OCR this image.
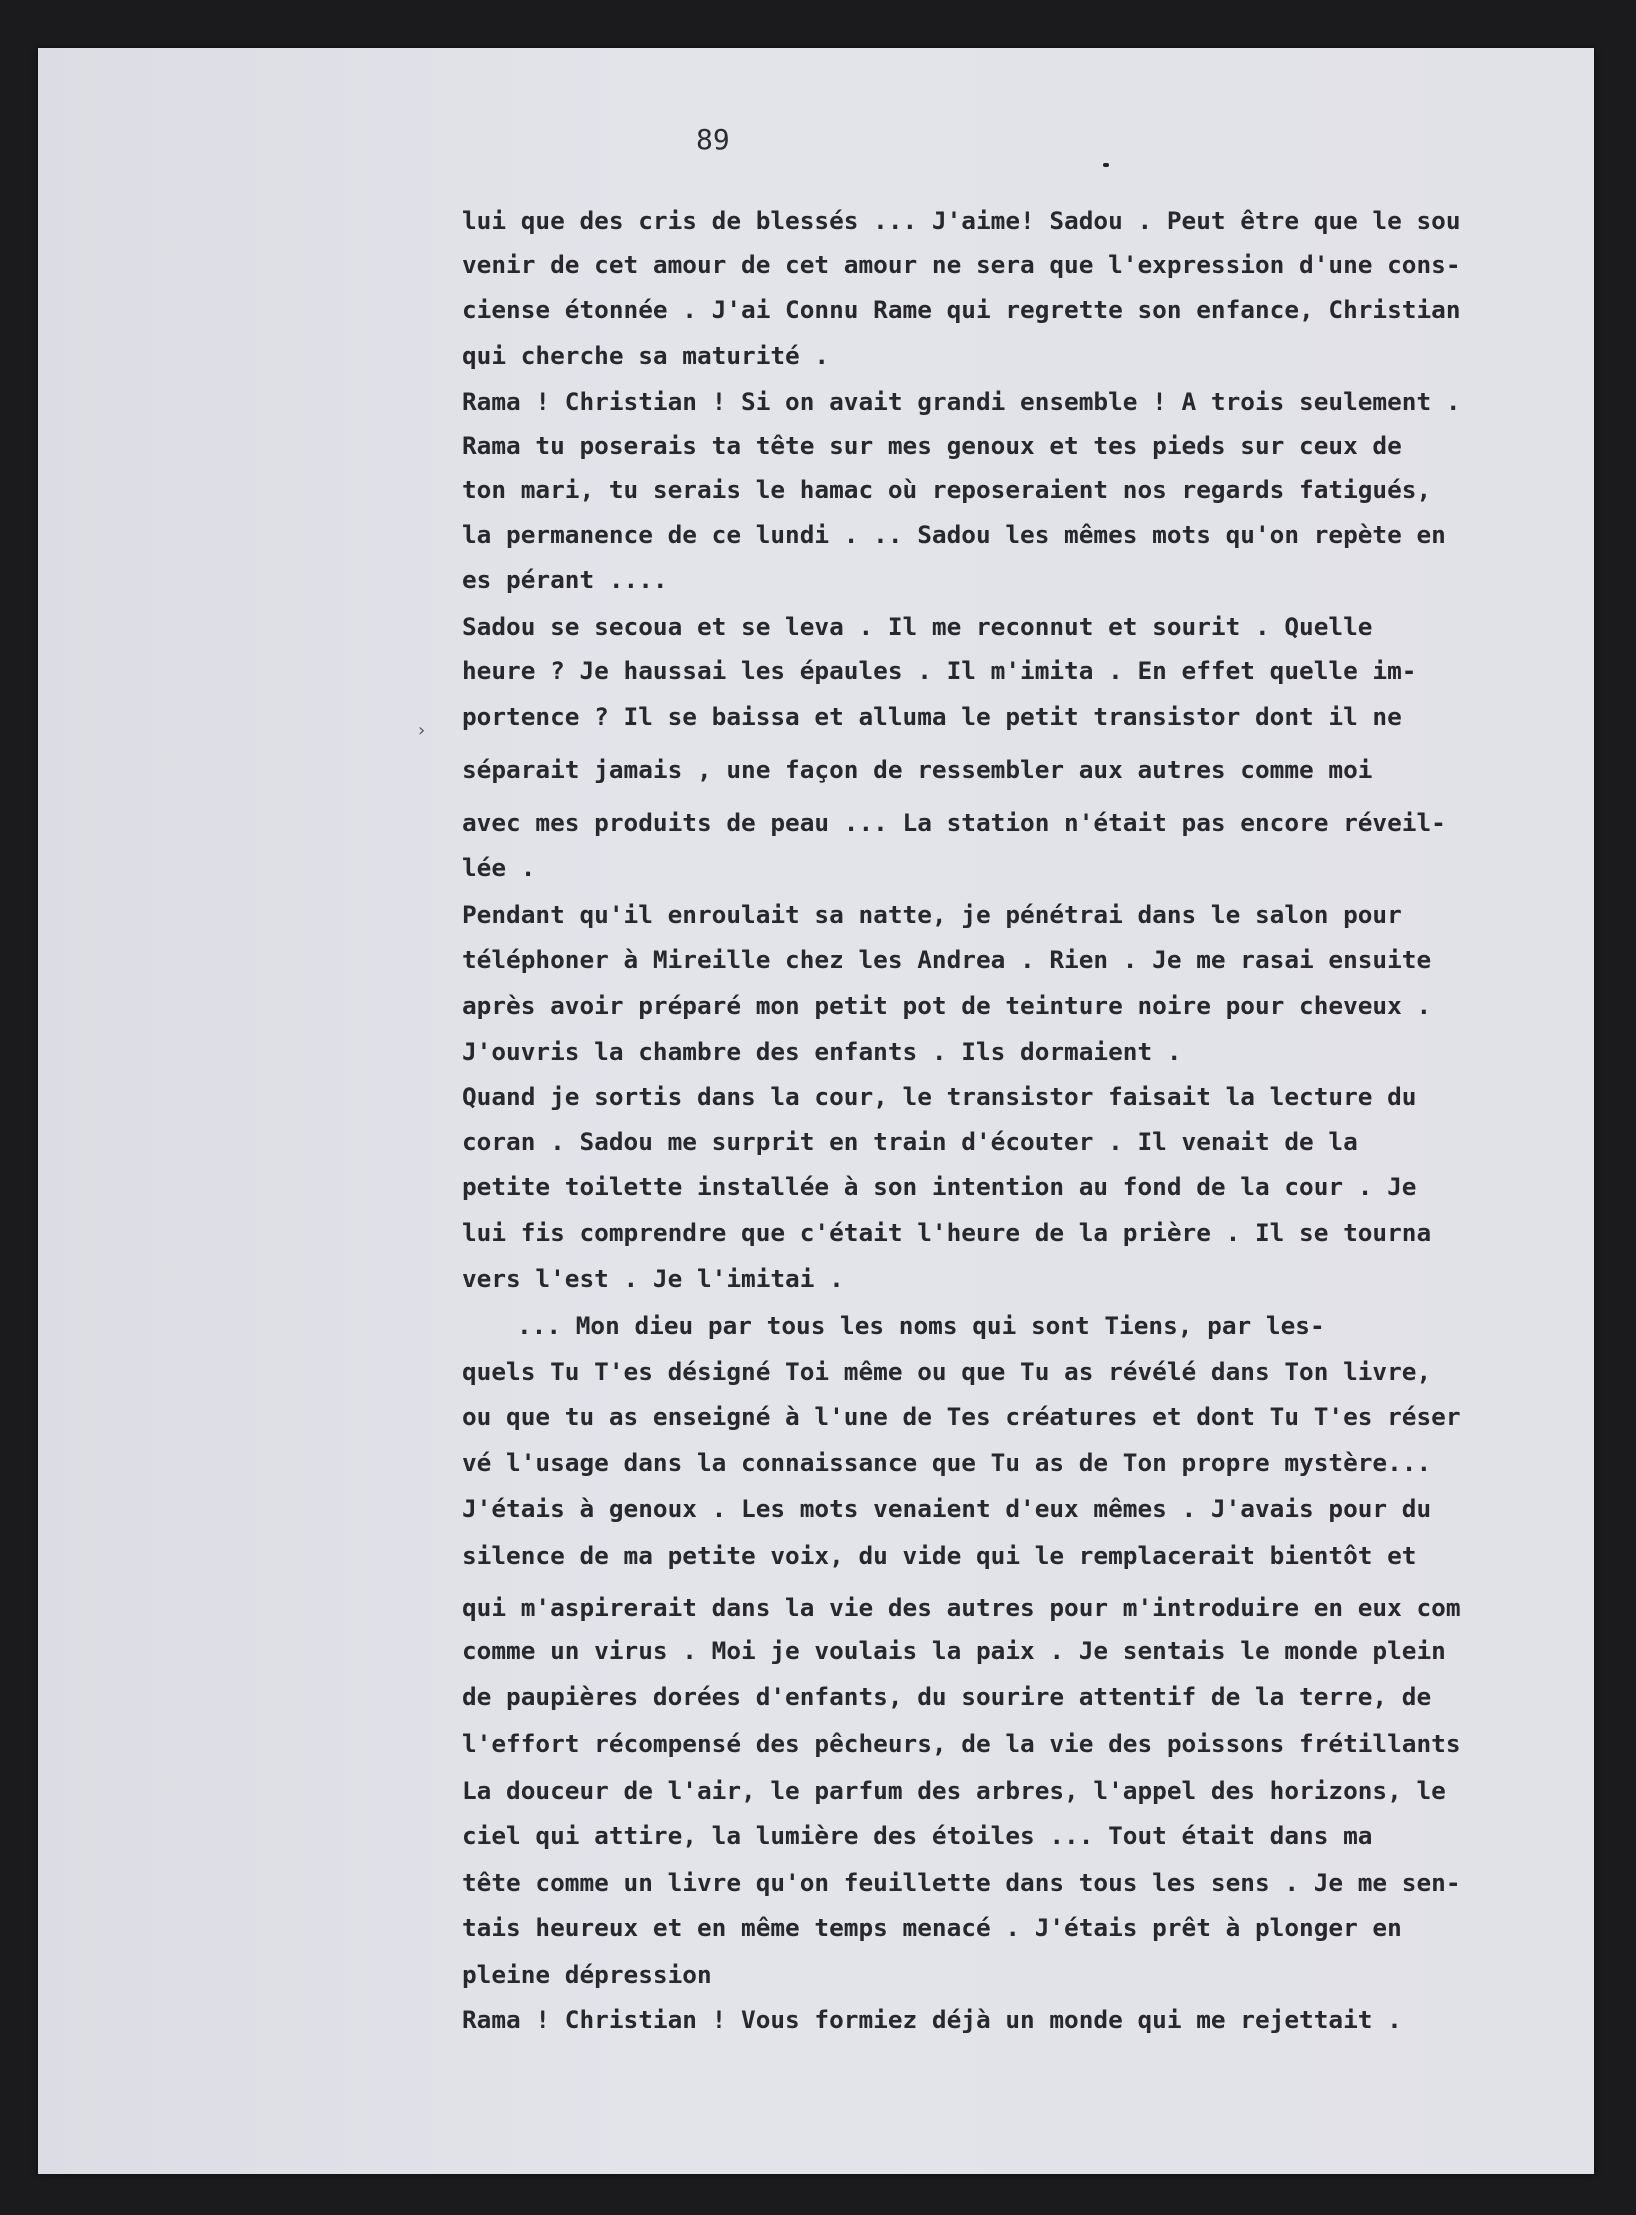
89
›
lui que des cris de blessés ... J'aime! Sadou . Peut être que le sou
venir de cet amour de cet amour ne sera que l'expression d'une cons-
ciense étonnée . J'ai Connu Rame qui regrette son enfance, Christian
qui cherche sa maturité .
Rama ! Christian ! Si on avait grandi ensemble ! A trois seulement .
Rama tu poserais ta tête sur mes genoux et tes pieds sur ceux de
ton mari, tu serais le hamac où reposeraient nos regards fatigués,
la permanence de ce lundi . .. Sadou les mêmes mots qu'on repète en
es pérant ....
Sadou se secoua et se leva . Il me reconnut et sourit . Quelle
heure ? Je haussai les épaules . Il m'imita . En effet quelle im-
portence ? Il se baissa et alluma le petit transistor dont il ne
séparait jamais , une façon de ressembler aux autres comme moi
avec mes produits de peau ... La station n'était pas encore réveil-
lée .
Pendant qu'il enroulait sa natte, je pénétrai dans le salon pour
téléphoner à Mireille chez les Andrea . Rien . Je me rasai ensuite
après avoir préparé mon petit pot de teinture noire pour cheveux .
J'ouvris la chambre des enfants . Ils dormaient .
Quand je sortis dans la cour, le transistor faisait la lecture du
coran . Sadou me surprit en train d'écouter . Il venait de la
petite toilette installée à son intention au fond de la cour . Je
lui fis comprendre que c'était l'heure de la prière . Il se tourna
vers l'est . Je l'imitai .
... Mon dieu par tous les noms qui sont Tiens, par les-
quels Tu T'es désigné Toi même ou que Tu as révélé dans Ton livre,
ou que tu as enseigné à l'une de Tes créatures et dont Tu T'es réser
vé l'usage dans la connaissance que Tu as de Ton propre mystère...
J'étais à genoux . Les mots venaient d'eux mêmes . J'avais pour du
silence de ma petite voix, du vide qui le remplacerait bientôt et
qui m'aspirerait dans la vie des autres pour m'introduire en eux com
comme un virus . Moi je voulais la paix . Je sentais le monde plein
de paupières dorées d'enfants, du sourire attentif de la terre, de
l'effort récompensé des pêcheurs, de la vie des poissons frétillants
La douceur de l'air, le parfum des arbres, l'appel des horizons, le
ciel qui attire, la lumière des étoiles ... Tout était dans ma
tête comme un livre qu'on feuillette dans tous les sens . Je me sen-
tais heureux et en même temps menacé . J'étais prêt à plonger en
pleine dépression
Rama ! Christian ! Vous formiez déjà un monde qui me rejettait .
